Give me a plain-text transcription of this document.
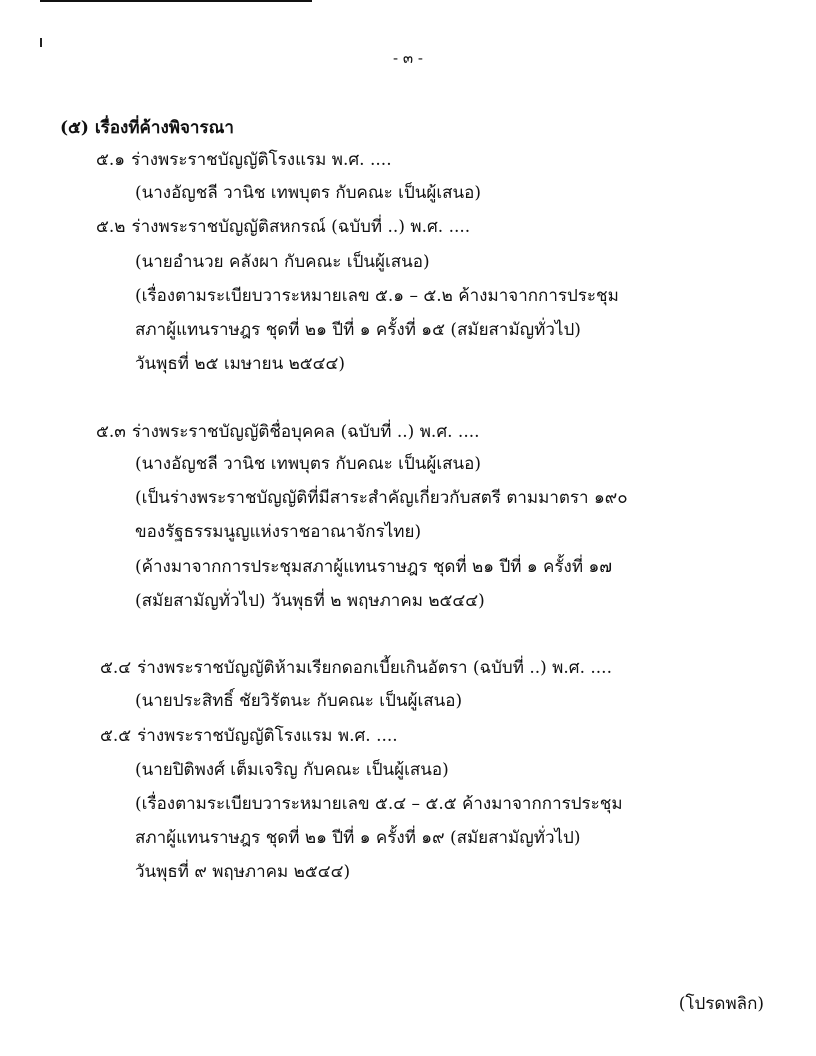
- ๓ -
(๕) เรื่องที่ค้างพิจารณา
๕.๑ ร่างพระราชบัญญัติโรงแรม พ.ศ. ....
(นางอัญชลี วานิช เทพบุตร กับคณะ เป็นผู้เสนอ)
๕.๒ ร่างพระราชบัญญัติสหกรณ์ (ฉบับที่ ..) พ.ศ. ....
(นายอำนวย คลังผา กับคณะ เป็นผู้เสนอ)
(เรื่องตามระเบียบวาระหมายเลข ๕.๑ – ๕.๒ ค้างมาจากการประชุม
สภาผู้แทนราษฎร ชุดที่ ๒๑ ปีที่ ๑ ครั้งที่ ๑๕ (สมัยสามัญทั่วไป)
วันพุธที่ ๒๕ เมษายน ๒๕๔๔)
๕.๓ ร่างพระราชบัญญัติชื่อบุคคล (ฉบับที่ ..) พ.ศ. ....
(นางอัญชลี วานิช เทพบุตร กับคณะ เป็นผู้เสนอ)
(เป็นร่างพระราชบัญญัติที่มีสาระสำคัญเกี่ยวกับสตรี ตามมาตรา ๑๙๐
ของรัฐธรรมนูญแห่งราชอาณาจักรไทย)
(ค้างมาจากการประชุมสภาผู้แทนราษฎร ชุดที่ ๒๑ ปีที่ ๑ ครั้งที่ ๑๗
(สมัยสามัญทั่วไป) วันพุธที่ ๒ พฤษภาคม ๒๕๔๔)
๕.๔ ร่างพระราชบัญญัติห้ามเรียกดอกเบี้ยเกินอัตรา (ฉบับที่ ..) พ.ศ. ....
(นายประสิทธิ์ ชัยวิรัตนะ กับคณะ เป็นผู้เสนอ)
๕.๕ ร่างพระราชบัญญัติโรงแรม พ.ศ. ....
(นายปิติพงศ์ เต็มเจริญ กับคณะ เป็นผู้เสนอ)
(เรื่องตามระเบียบวาระหมายเลข ๕.๔ – ๕.๕ ค้างมาจากการประชุม
สภาผู้แทนราษฎร ชุดที่ ๒๑ ปีที่ ๑ ครั้งที่ ๑๙ (สมัยสามัญทั่วไป)
วันพุธที่ ๙ พฤษภาคม ๒๕๔๔)
(โปรดพลิก)
